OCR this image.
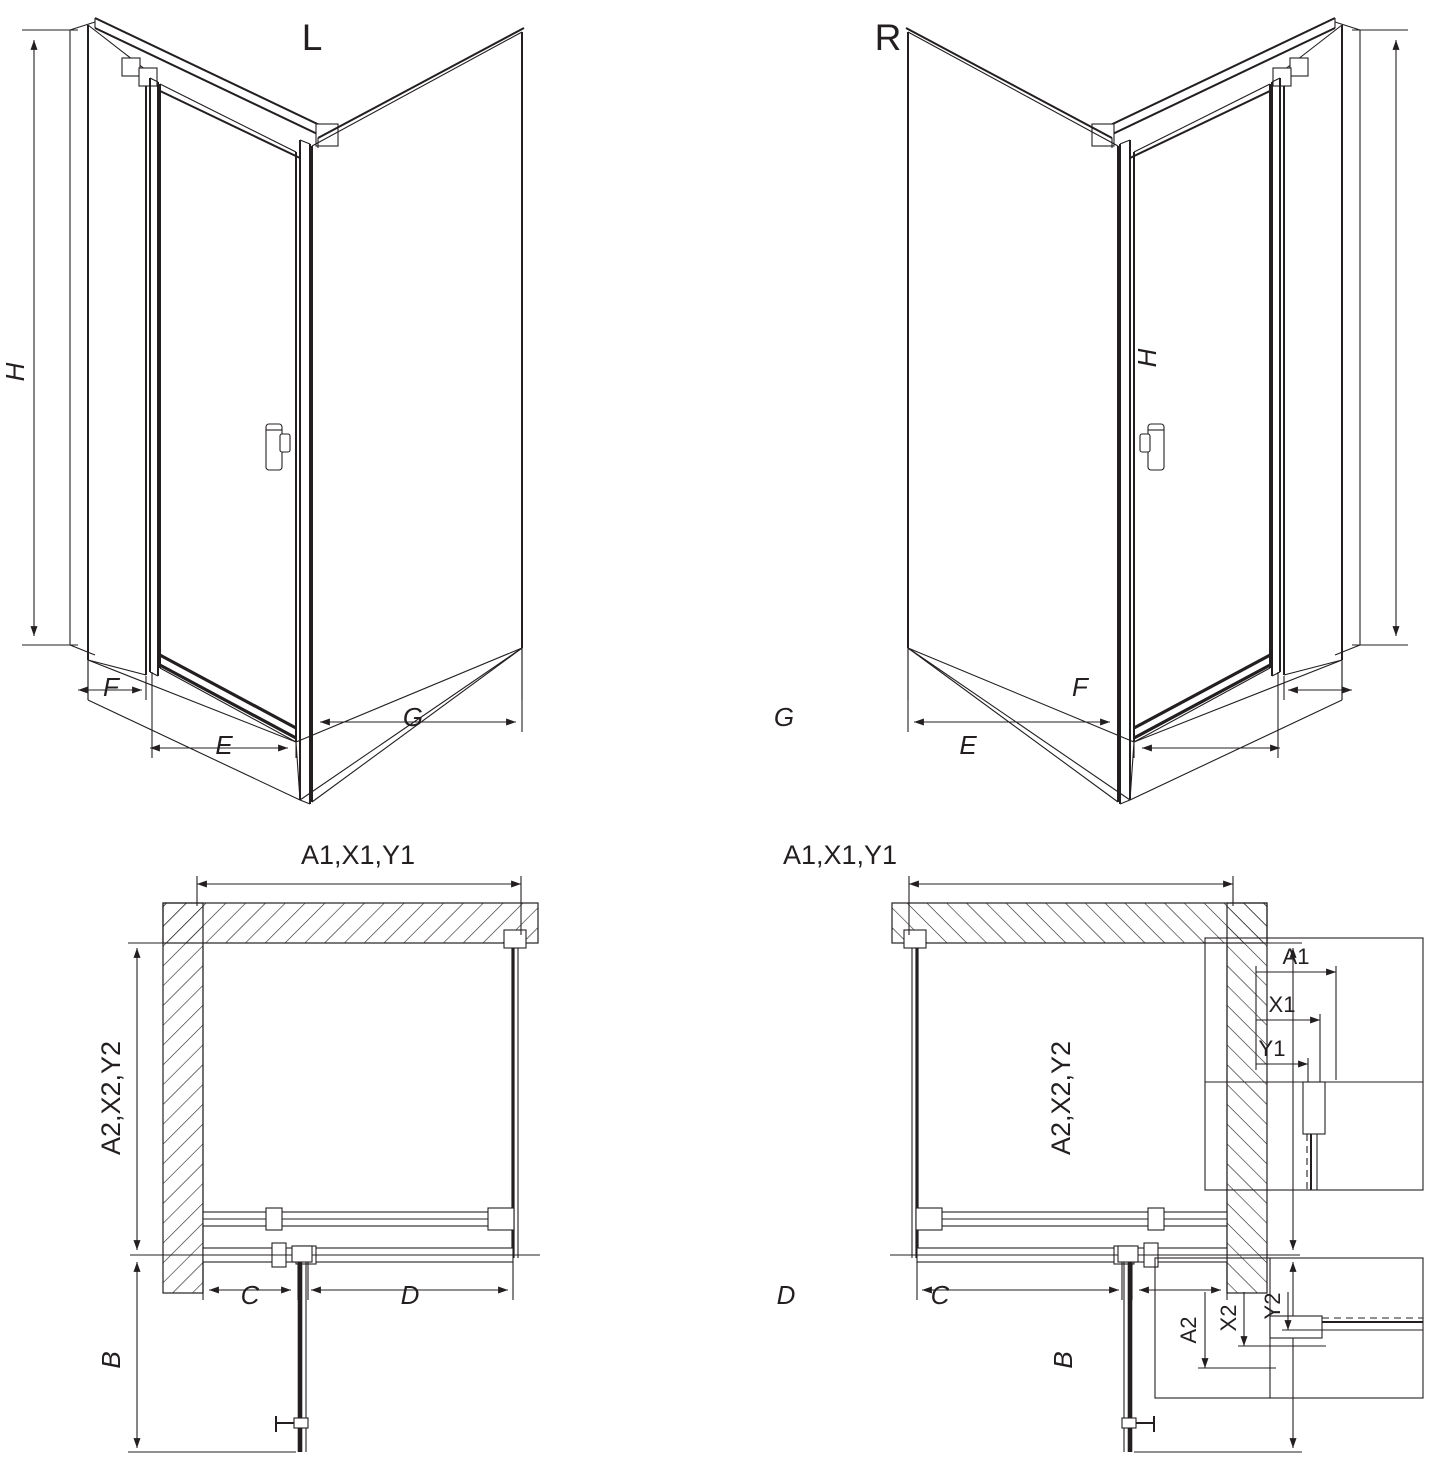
L	R
H
H
F
E
G	G
E
F
A1,X1,Y1
A2,X2,Y2
C	D
B
A1,X1,Y1
A2,X2,Y2
D	C
B
A1
X1
Y1
A2 X2 Y2
